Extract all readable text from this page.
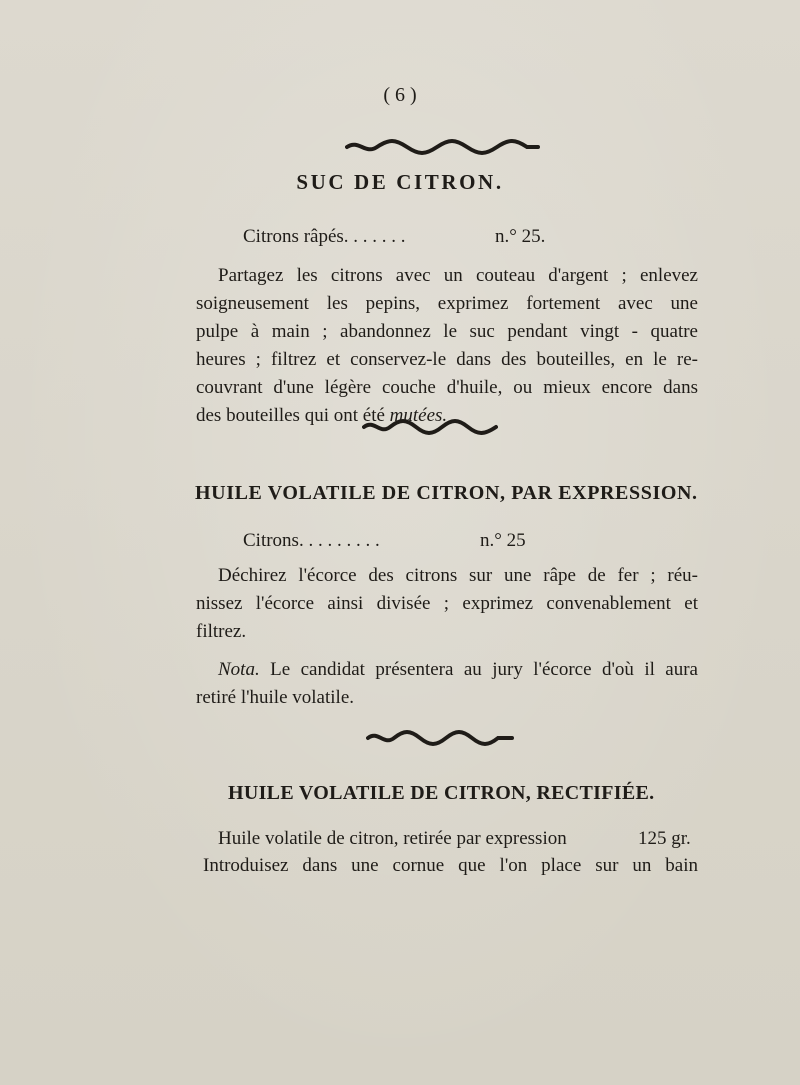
( 6 )
SUC DE CITRON.
Citrons râpés. . . . . . .	n.° 25.
Partagez les citrons avec un couteau d'argent ; enlevez
soigneusement les pepins, exprimez fortement avec une
pulpe à main ; abandonnez le suc pendant vingt - quatre
heures ; filtrez et conservez-le dans des bouteilles, en le re-
couvrant d'une légère couche d'huile, ou mieux encore dans
des bouteilles qui ont été mutées.
HUILE VOLATILE DE CITRON, PAR EXPRESSION.
Citrons. . . . . . . . .	n.° 25
Déchirez l'écorce des citrons sur une râpe de fer ; réu-
nissez l'écorce ainsi divisée ; exprimez convenablement et
filtrez.
Nota. Le candidat présentera au jury l'écorce d'où il aura
retiré l'huile volatile.
HUILE VOLATILE DE CITRON, RECTIFIÉE.
Huile volatile de citron, retirée par expression	125 gr.
Introduisez dans une cornue que l'on place sur un bain
